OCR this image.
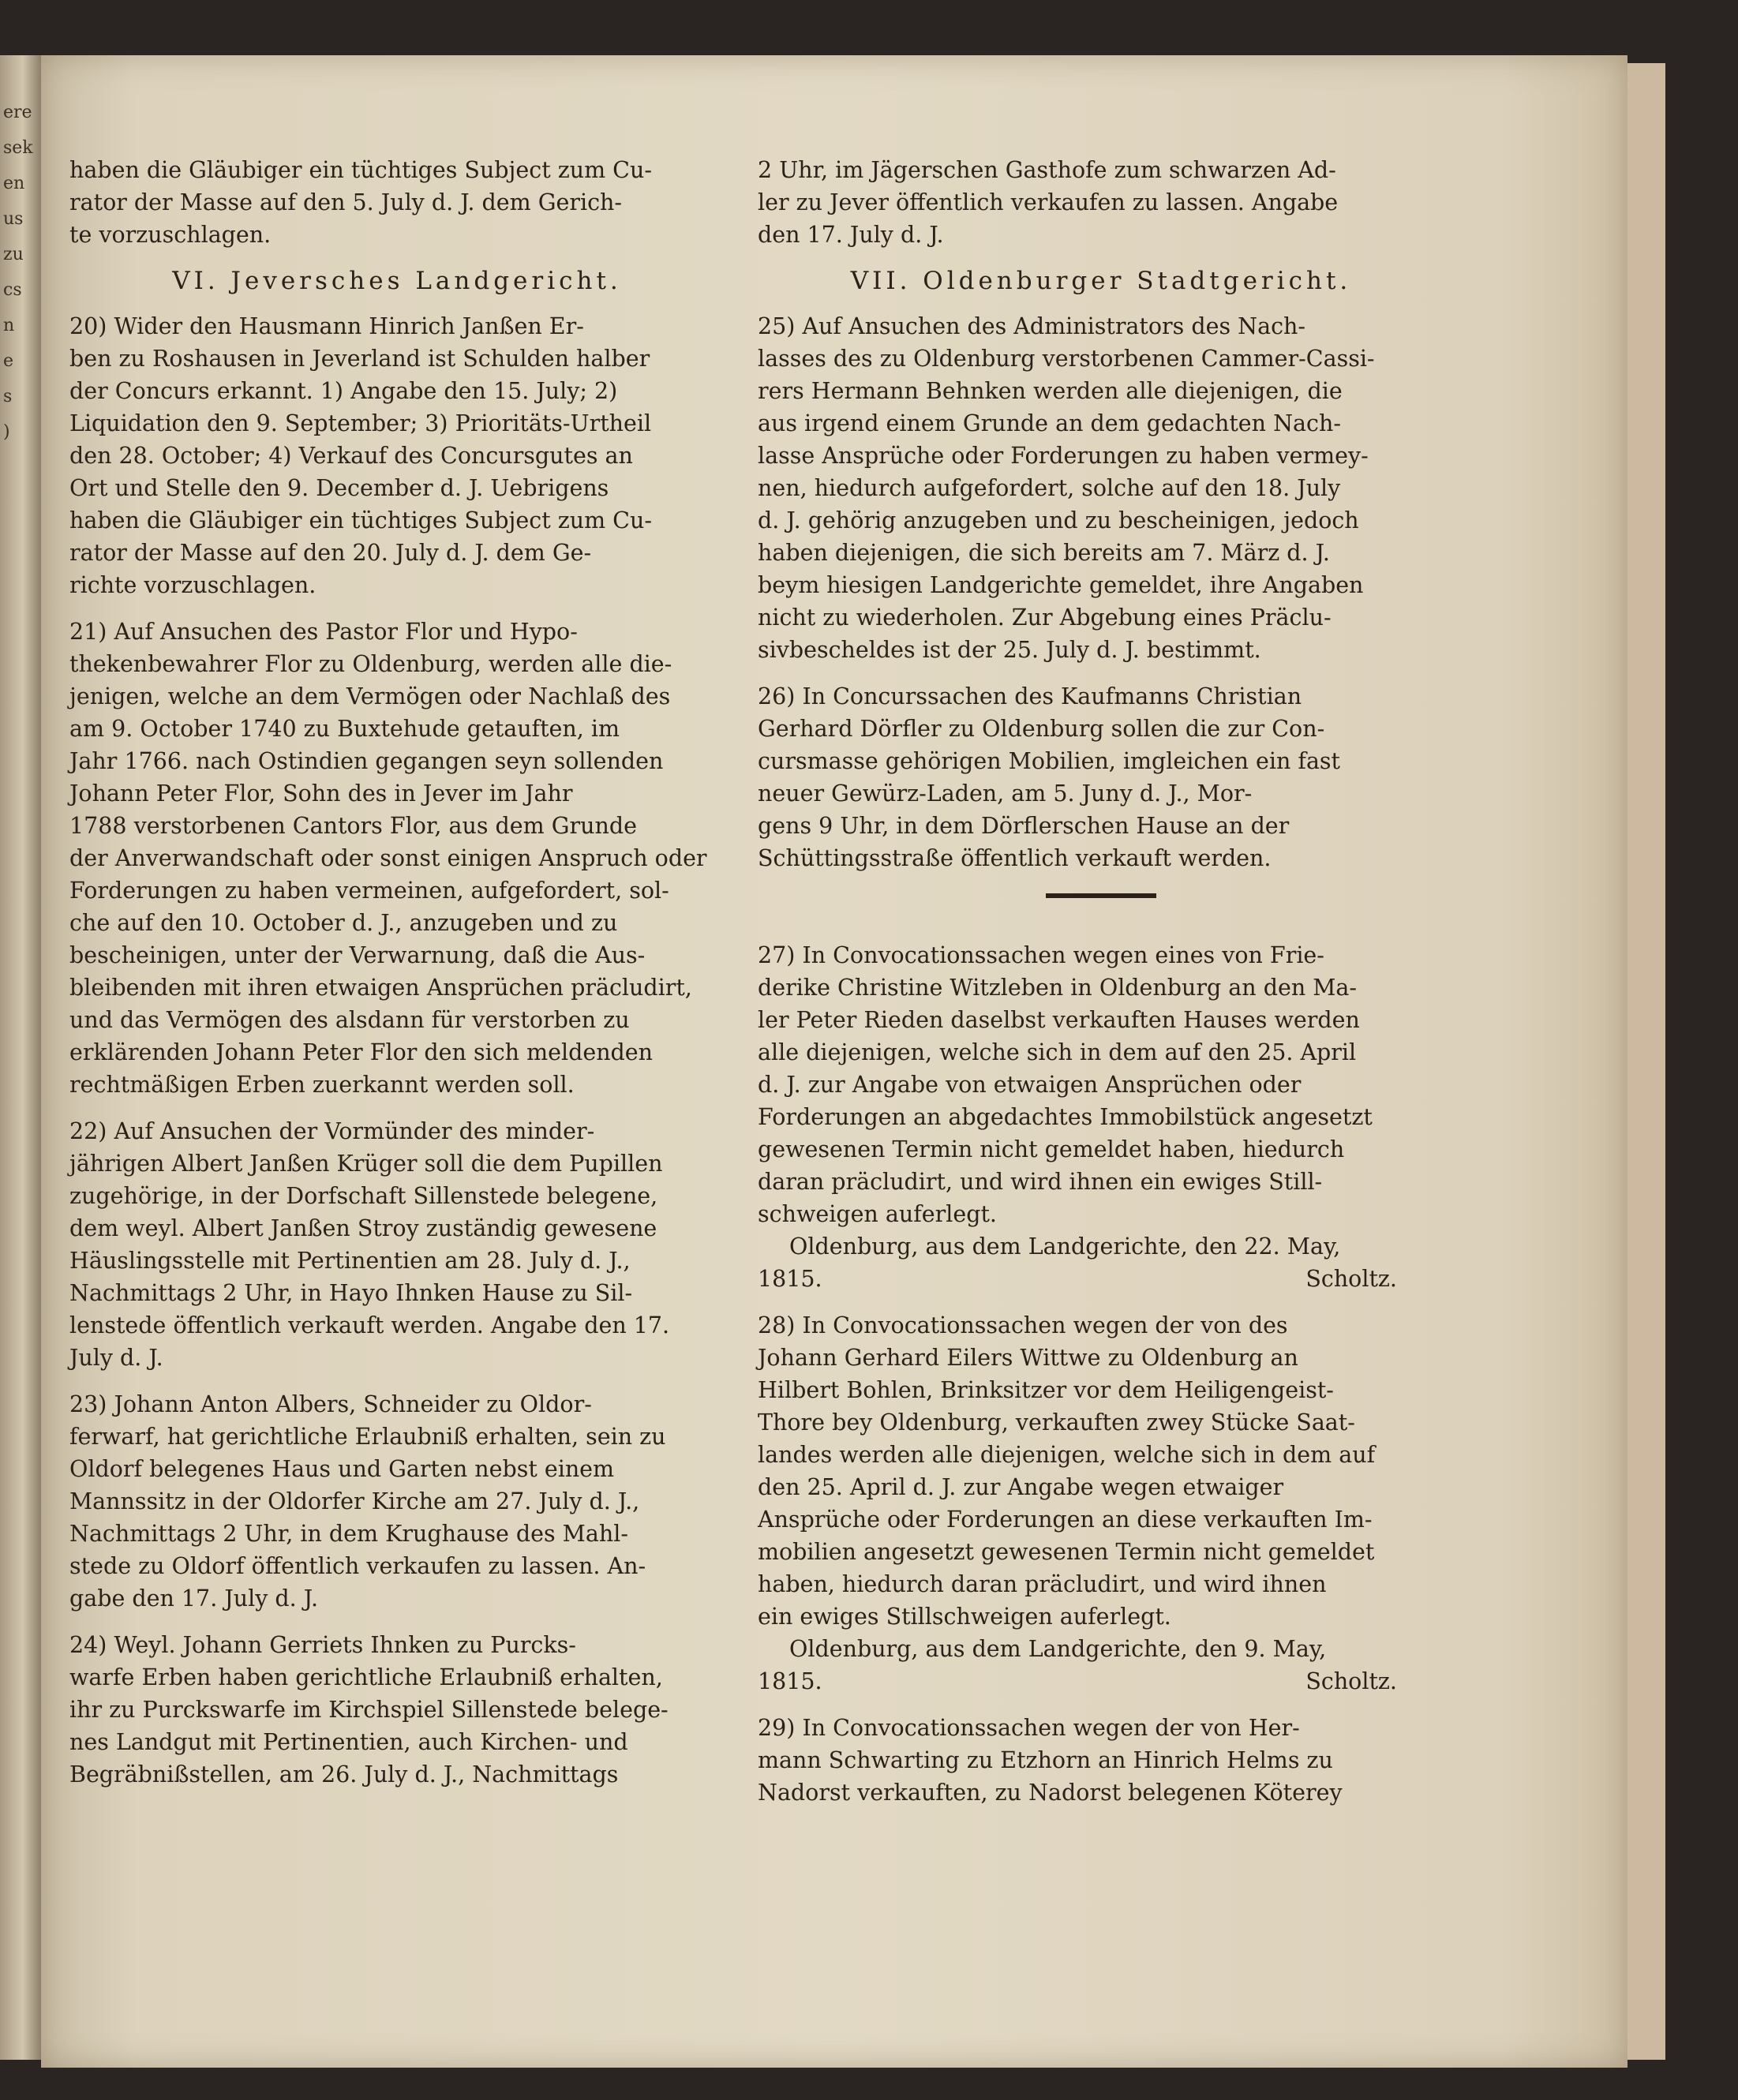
ere
sek
en
us
zu
cs
n
e
s
)
haben die Gläubiger ein tüchtiges Subject zum Cu-
rator der Masse auf den 5. July d. J. dem Gerich-
te vorzuschlagen.
VI. Jeversches Landgericht.
20) Wider den Hausmann Hinrich Janßen Er-
ben zu Roshausen in Jeverland ist Schulden halber
der Concurs erkannt. 1) Angabe den 15. July; 2)
Liquidation den 9. September; 3) Prioritäts-Urtheil
den 28. October; 4) Verkauf des Concursgutes an
Ort und Stelle den 9. December d. J. Uebrigens
haben die Gläubiger ein tüchtiges Subject zum Cu-
rator der Masse auf den 20. July d. J. dem Ge-
richte vorzuschlagen.
21) Auf Ansuchen des Pastor Flor und Hypo-
thekenbewahrer Flor zu Oldenburg, werden alle die-
jenigen, welche an dem Vermögen oder Nachlaß des
am 9. October 1740 zu Buxtehude getauften, im
Jahr 1766. nach Ostindien gegangen seyn sollenden
Johann Peter Flor, Sohn des in Jever im Jahr
1788 verstorbenen Cantors Flor, aus dem Grunde
der Anverwandschaft oder sonst einigen Anspruch oder
Forderungen zu haben vermeinen, aufgefordert, sol-
che auf den 10. October d. J., anzugeben und zu
bescheinigen, unter der Verwarnung, daß die Aus-
bleibenden mit ihren etwaigen Ansprüchen präcludirt,
und das Vermögen des alsdann für verstorben zu
erklärenden Johann Peter Flor den sich meldenden
rechtmäßigen Erben zuerkannt werden soll.
22) Auf Ansuchen der Vormünder des minder-
jährigen Albert Janßen Krüger soll die dem Pupillen
zugehörige, in der Dorfschaft Sillenstede belegene,
dem weyl. Albert Janßen Stroy zuständig gewesene
Häuslingsstelle mit Pertinentien am 28. July d. J.,
Nachmittags 2 Uhr, in Hayo Ihnken Hause zu Sil-
lenstede öffentlich verkauft werden. Angabe den 17.
July d. J.
23) Johann Anton Albers, Schneider zu Oldor-
ferwarf, hat gerichtliche Erlaubniß erhalten, sein zu
Oldorf belegenes Haus und Garten nebst einem
Mannssitz in der Oldorfer Kirche am 27. July d. J.,
Nachmittags 2 Uhr, in dem Krughause des Mahl-
stede zu Oldorf öffentlich verkaufen zu lassen. An-
gabe den 17. July d. J.
24) Weyl. Johann Gerriets Ihnken zu Purcks-
warfe Erben haben gerichtliche Erlaubniß erhalten,
ihr zu Purckswarfe im Kirchspiel Sillenstede belege-
nes Landgut mit Pertinentien, auch Kirchen- und
Begräbnißstellen, am 26. July d. J., Nachmittags
2 Uhr, im Jägerschen Gasthofe zum schwarzen Ad-
ler zu Jever öffentlich verkaufen zu lassen. Angabe
den 17. July d. J.
VII. Oldenburger Stadtgericht.
25) Auf Ansuchen des Administrators des Nach-
lasses des zu Oldenburg verstorbenen Cammer-Cassi-
rers Hermann Behnken werden alle diejenigen, die
aus irgend einem Grunde an dem gedachten Nach-
lasse Ansprüche oder Forderungen zu haben vermey-
nen, hiedurch aufgefordert, solche auf den 18. July
d. J. gehörig anzugeben und zu bescheinigen, jedoch
haben diejenigen, die sich bereits am 7. März d. J.
beym hiesigen Landgerichte gemeldet, ihre Angaben
nicht zu wiederholen. Zur Abgebung eines Präclu-
sivbescheldes ist der 25. July d. J. bestimmt.
26) In Concurssachen des Kaufmanns Christian
Gerhard Dörfler zu Oldenburg sollen die zur Con-
cursmasse gehörigen Mobilien, imgleichen ein fast
neuer Gewürz-Laden, am 5. Juny d. J., Mor-
gens 9 Uhr, in dem Dörflerschen Hause an der
Schüttingsstraße öffentlich verkauft werden.
27) In Convocationssachen wegen eines von Frie-
derike Christine Witzleben in Oldenburg an den Ma-
ler Peter Rieden daselbst verkauften Hauses werden
alle diejenigen, welche sich in dem auf den 25. April
d. J. zur Angabe von etwaigen Ansprüchen oder
Forderungen an abgedachtes Immobilstück angesetzt
gewesenen Termin nicht gemeldet haben, hiedurch
daran präcludirt, und wird ihnen ein ewiges Still-
schweigen auferlegt.
Oldenburg, aus dem Landgerichte, den 22. May,
1815.	Scholtz.
28) In Convocationssachen wegen der von des
Johann Gerhard Eilers Wittwe zu Oldenburg an
Hilbert Bohlen, Brinksitzer vor dem Heiligengeist-
Thore bey Oldenburg, verkauften zwey Stücke Saat-
landes werden alle diejenigen, welche sich in dem auf
den 25. April d. J. zur Angabe wegen etwaiger
Ansprüche oder Forderungen an diese verkauften Im-
mobilien angesetzt gewesenen Termin nicht gemeldet
haben, hiedurch daran präcludirt, und wird ihnen
ein ewiges Stillschweigen auferlegt.
Oldenburg, aus dem Landgerichte, den 9. May,
1815.	Scholtz.
29) In Convocationssachen wegen der von Her-
mann Schwarting zu Etzhorn an Hinrich Helms zu
Nadorst verkauften, zu Nadorst belegenen Köterey
